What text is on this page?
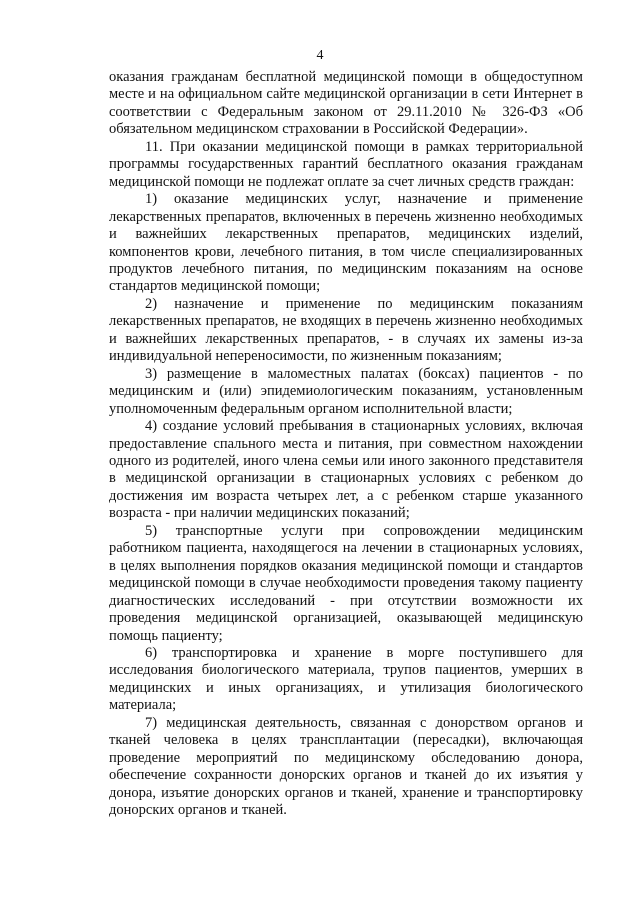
4

оказания гражданам бесплатной медицинской помощи в общедоступном месте и на официальном сайте медицинской организации в сети Интернет в соответствии с Федеральным законом от 29.11.2010 № 326-ФЗ «Об обязательном медицинском страховании в Российской Федерации».

11. При оказании медицинской помощи в рамках территориальной программы государственных гарантий бесплатного оказания гражданам медицинской помощи не подлежат оплате за счет личных средств граждан:

1) оказание медицинских услуг, назначение и применение лекарственных препаратов, включенных в перечень жизненно необходимых и важнейших лекарственных препаратов, медицинских изделий, компонентов крови, лечебного питания, в том числе специализированных продуктов лечебного питания, по медицинским показаниям на основе стандартов медицинской помощи;

2) назначение и применение по медицинским показаниям лекарственных препаратов, не входящих в перечень жизненно необходимых и важнейших лекарственных препаратов, - в случаях их замены из-за индивидуальной непереносимости, по жизненным показаниям;

3) размещение в маломестных палатах (боксах) пациентов - по медицинским и (или) эпидемиологическим показаниям, установленным уполномоченным федеральным органом исполнительной власти;

4) создание условий пребывания в стационарных условиях, включая предоставление спального места и питания, при совместном нахождении одного из родителей, иного члена семьи или иного законного представителя в медицинской организации в стационарных условиях с ребенком до достижения им возраста четырех лет, а с ребенком старше указанного возраста - при наличии медицинских показаний;

5) транспортные услуги при сопровождении медицинским работником пациента, находящегося на лечении в стационарных условиях, в целях выполнения порядков оказания медицинской помощи и стандартов медицинской помощи в случае необходимости проведения такому пациенту диагностических исследований - при отсутствии возможности их проведения медицинской организацией, оказывающей медицинскую помощь пациенту;

6) транспортировка и хранение в морге поступившего для исследования биологического материала, трупов пациентов, умерших в медицинских и иных организациях, и утилизация биологического материала;

7) медицинская деятельность, связанная с донорством органов и тканей человека в целях трансплантации (пересадки), включающая проведение мероприятий по медицинскому обследованию донора, обеспечение сохранности донорских органов и тканей до их изъятия у донора, изъятие донорских органов и тканей, хранение и транспортировку донорских органов и тканей.
